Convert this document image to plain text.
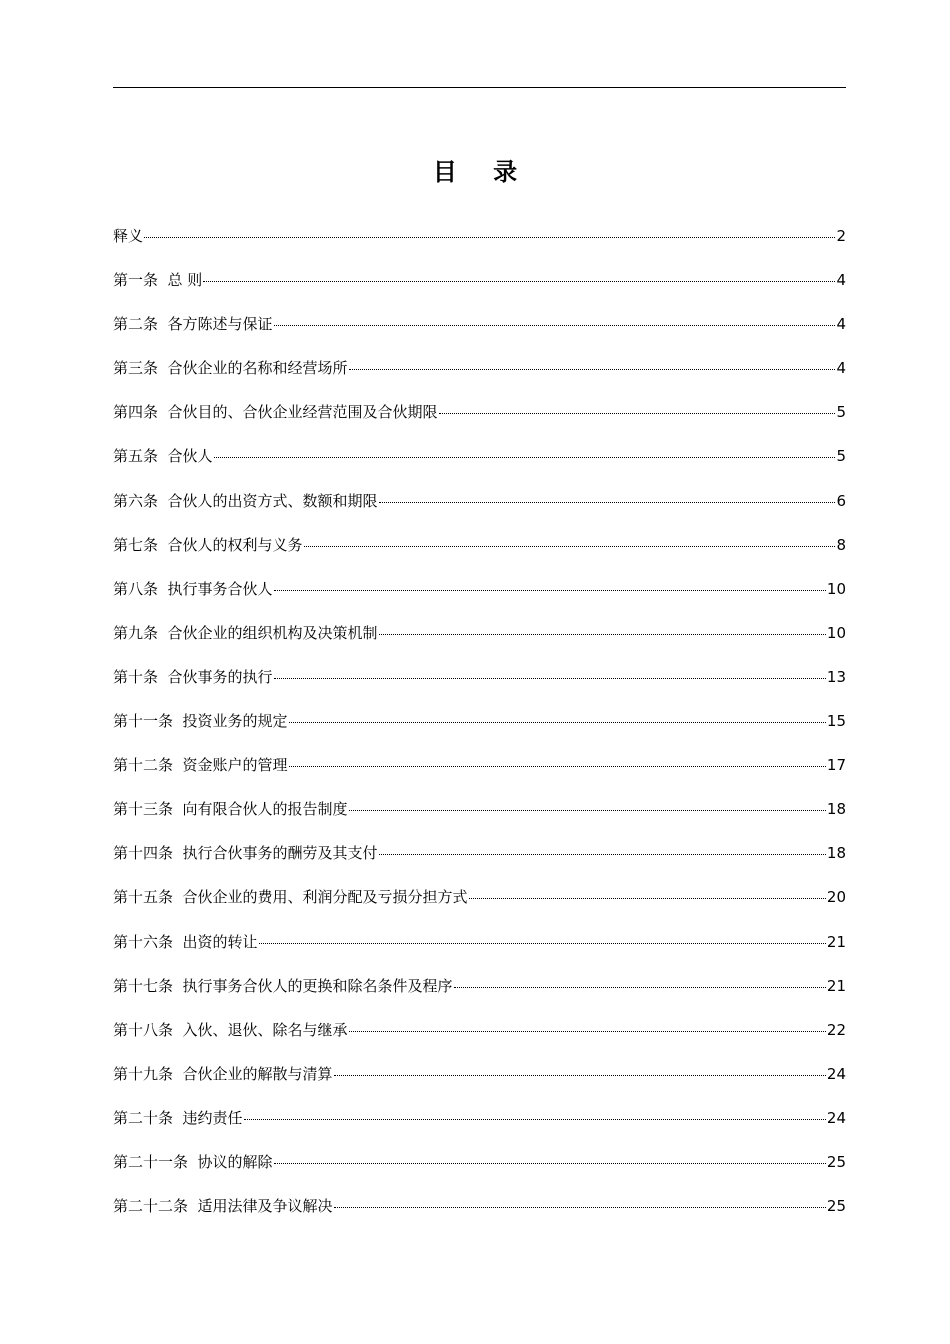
目 录
释义	2
第一条  总 则	4
第二条  各方陈述与保证	4
第三条  合伙企业的名称和经营场所	4
第四条  合伙目的、合伙企业经营范围及合伙期限	5
第五条  合伙人	5
第六条  合伙人的出资方式、数额和期限	6
第七条  合伙人的权利与义务	8
第八条  执行事务合伙人	10
第九条  合伙企业的组织机构及决策机制	10
第十条  合伙事务的执行	13
第十一条  投资业务的规定	15
第十二条  资金账户的管理	17
第十三条  向有限合伙人的报告制度	18
第十四条  执行合伙事务的酬劳及其支付	18
第十五条  合伙企业的费用、利润分配及亏损分担方式	20
第十六条  出资的转让	21
第十七条  执行事务合伙人的更换和除名条件及程序	21
第十八条  入伙、退伙、除名与继承	22
第十九条  合伙企业的解散与清算	24
第二十条  违约责任	24
第二十一条  协议的解除	25
第二十二条  适用法律及争议解决	25
